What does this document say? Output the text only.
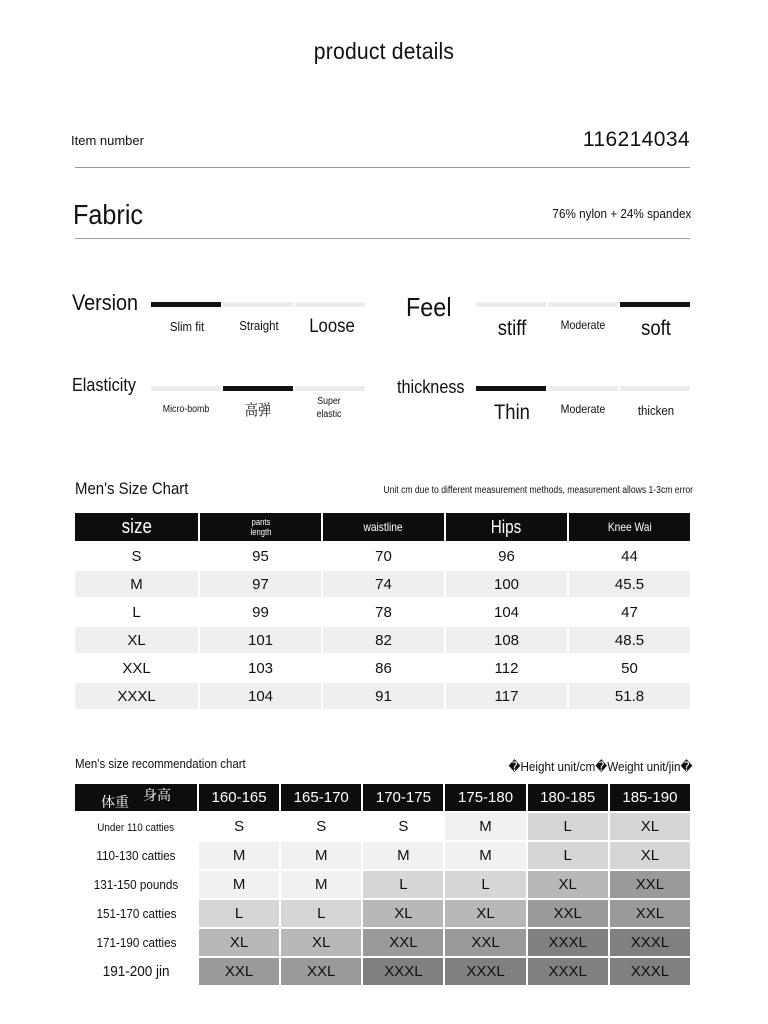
product details
Item number	116214034
Fabric	76% nylon + 24% spandex
Version
Slim fit	Straight	Loose
Feel
stiff	Moderate	soft
Elasticity
Micro-bomb	高弹
Super elastic
thickness
Thin	Moderate	thicken
Men's Size Chart	Unit cm due to different measurement methods, measurement allows 1-3cm error
size	pants length	waistline	Hips	Knee Wai
S	95	70	96	44
M	97	74	100	45.5
L	99	78	104	47
XL	101	82	108	48.5
XXL	103	86	112	50
XXXL	104	91	117	51.8
Men's size recommendation chart	�Height unit/cm�Weight unit/jin�
体重 身高	160-165	165-170	170-175	175-180	180-185	185-190
Under 110 catties	S	S	S	M	L	XL
110-130 catties	M	M	M	M	L	XL
131-150 pounds	M	M	L	L	XL	XXL
151-170 catties	L	L	XL	XL	XXL	XXL
171-190 catties	XL	XL	XXL	XXL	XXXL	XXXL
191-200 jin	XXL	XXL	XXXL	XXXL	XXXL	XXXL
